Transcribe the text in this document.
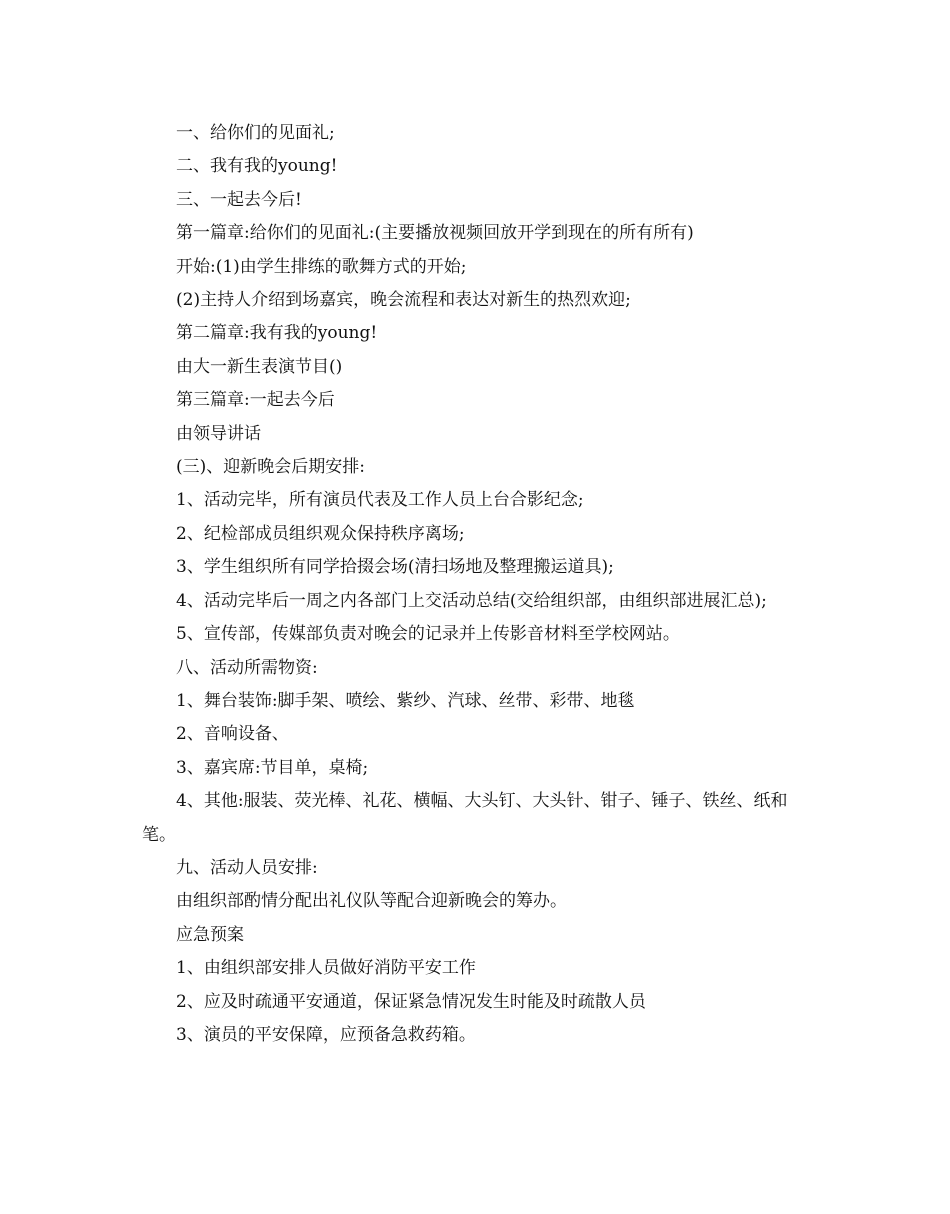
一、给你们的见面礼;

二、我有我的young!

三、一起去今后!

第一篇章:给你们的见面礼:(主要播放视频回放开学到现在的所有所有)

开始:(1)由学生排练的歌舞方式的开始;

(2)主持人介绍到场嘉宾，晚会流程和表达对新生的热烈欢迎;

第二篇章:我有我的young!

由大一新生表演节目()

第三篇章:一起去今后

由领导讲话

(三)、迎新晚会后期安排:

1、活动完毕，所有演员代表及工作人员上台合影纪念;

2、纪检部成员组织观众保持秩序离场;

3、学生组织所有同学拾掇会场(清扫场地及整理搬运道具);

4、活动完毕后一周之内各部门上交活动总结(交给组织部，由组织部进展汇总);

5、宣传部，传媒部负责对晚会的记录并上传影音材料至学校网站。

八、活动所需物资:

1、舞台装饰:脚手架、喷绘、紫纱、汽球、丝带、彩带、地毯

2、音响设备、

3、嘉宾席:节目单，桌椅;

4、其他:服装、荧光棒、礼花、横幅、大头钉、大头针、钳子、锤子、铁丝、纸和笔。

九、活动人员安排:

由组织部酌情分配出礼仪队等配合迎新晚会的筹办。

应急预案

1、由组织部安排人员做好消防平安工作

2、应及时疏通平安通道，保证紧急情况发生时能及时疏散人员

3、演员的平安保障，应预备急救药箱。
